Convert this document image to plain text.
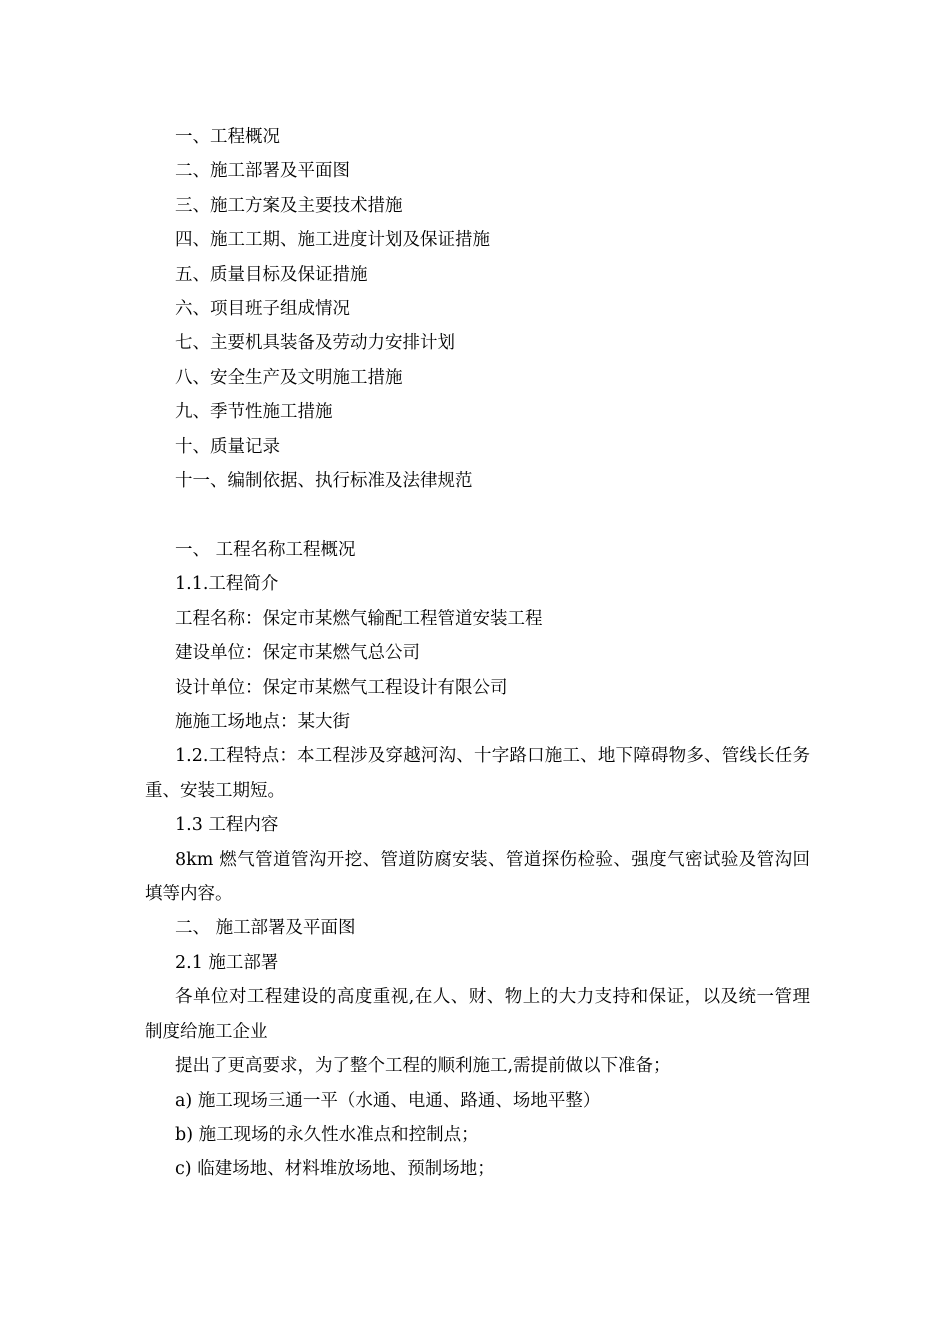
一、工程概况
二、施工部署及平面图
三、施工方案及主要技术措施
四、施工工期、施工进度计划及保证措施
五、质量目标及保证措施
六、项目班子组成情况
七、主要机具装备及劳动力安排计划
八、安全生产及文明施工措施
九、季节性施工措施
十、质量记录
十一、编制依据、执行标准及法律规范

一、 工程名称工程概况

1.1.工程简介

工程名称：保定市某燃气输配工程管道安装工程

建设单位：保定市某燃气总公司

设计单位：保定市某燃气工程设计有限公司

施施工场地点：某大街

1.2.工程特点：本工程涉及穿越河沟、十字路口施工、地下障碍物多、管线长任务重、安装工期短。

1.3 工程内容

8km 燃气管道管沟开挖、管道防腐安装、管道探伤检验、强度气密试验及管沟回填等内容。

二、 施工部署及平面图

2.1 施工部署

各单位对工程建设的高度重视,在人、财、物上的大力支持和保证，以及统一管理制度给施工企业

提出了更高要求，为了整个工程的顺利施工,需提前做以下准备；

a) 施工现场三通一平（水通、电通、路通、场地平整）

b) 施工现场的永久性水准点和控制点；

c) 临建场地、材料堆放场地、预制场地；
